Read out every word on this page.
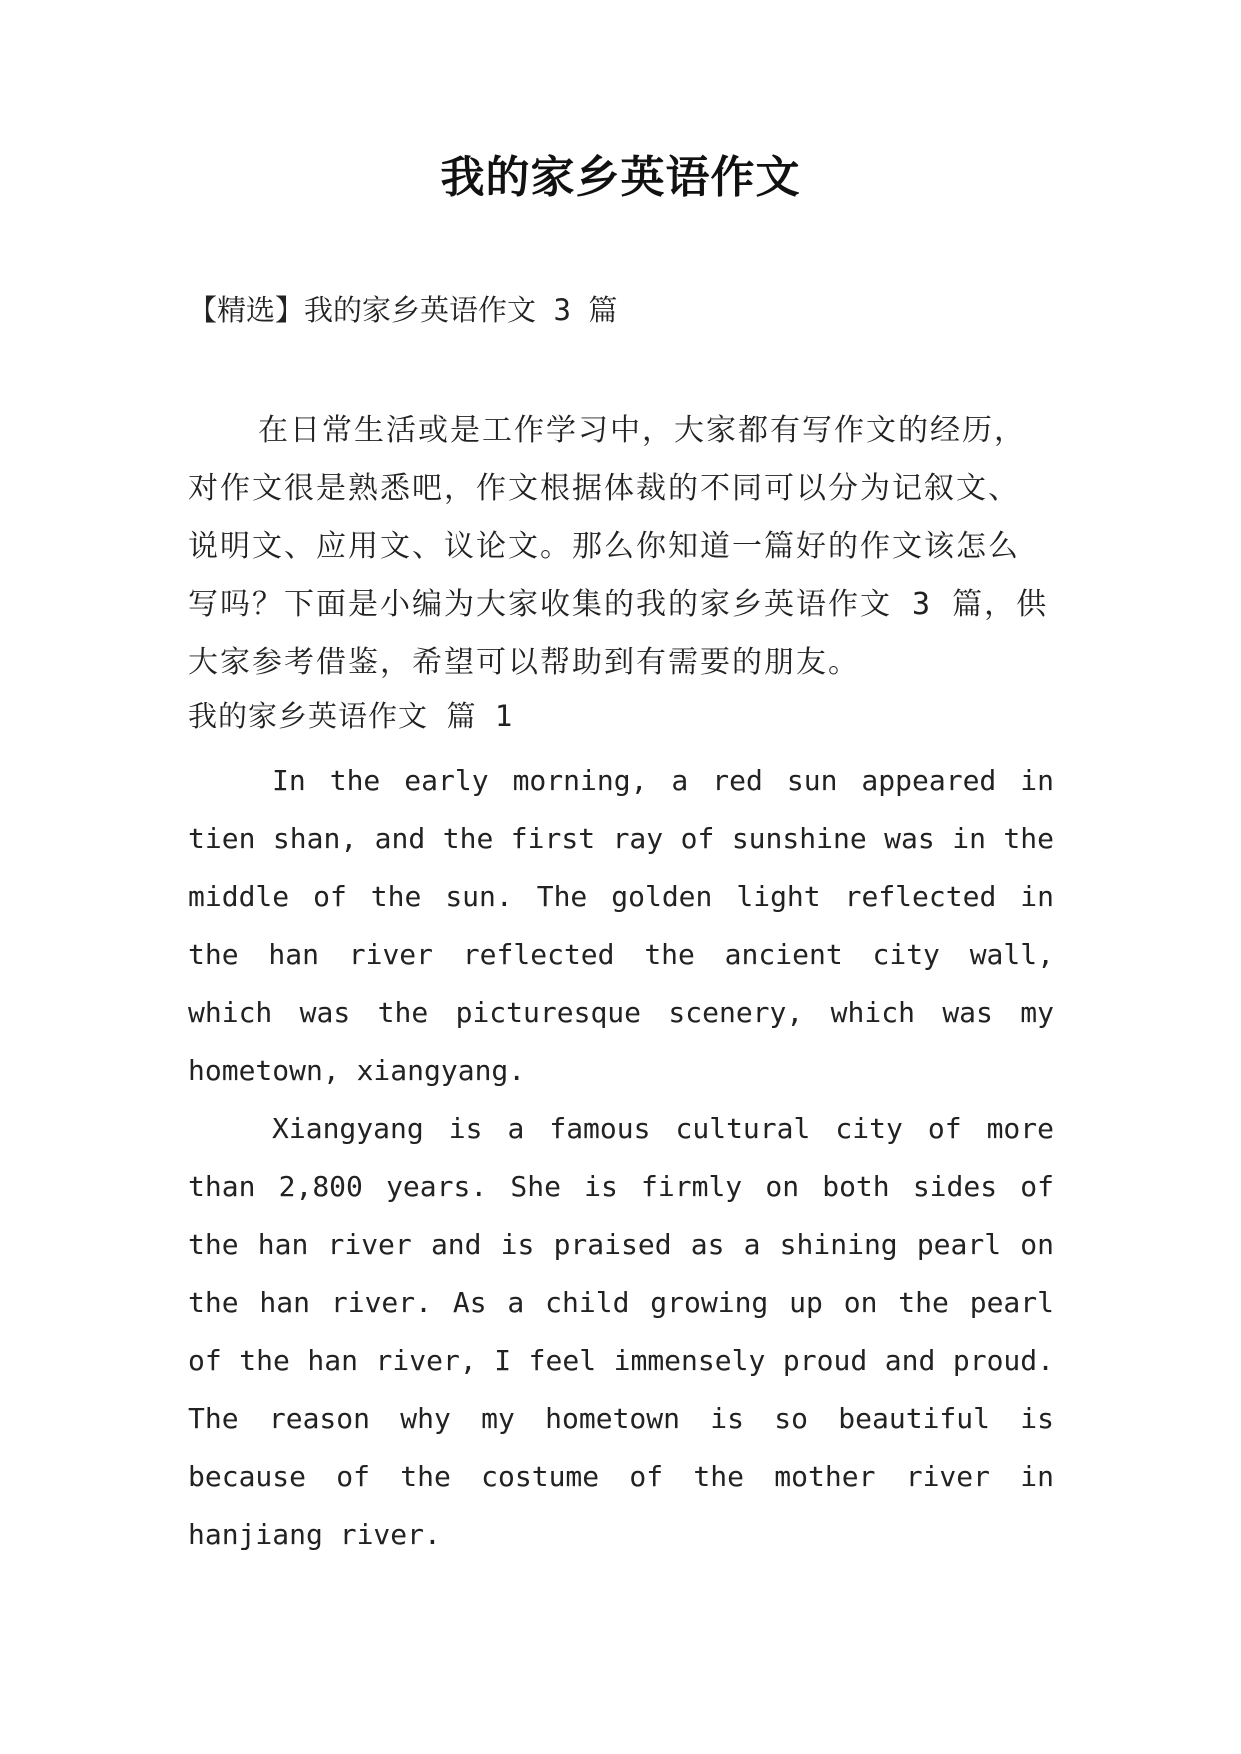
我的家乡英语作文
【精选】我的家乡英语作文 3 篇
在日常生活或是工作学习中，大家都有写作文的经历，
对作文很是熟悉吧，作文根据体裁的不同可以分为记叙文、
说明文、应用文、议论文。那么你知道一篇好的作文该怎么
写吗？下面是小编为大家收集的我的家乡英语作文 3 篇，供
大家参考借鉴，希望可以帮助到有需要的朋友。
我的家乡英语作文 篇 1
In the early morning, a red sun appeared in
tien shan, and the first ray of sunshine was in the
middle of the sun. The golden light reflected in
the han river reflected the ancient city wall,
which was the picturesque scenery, which was my
hometown, xiangyang.
Xiangyang is a famous cultural city of more
than 2,800 years. She is firmly on both sides of
the han river and is praised as a shining pearl on
the han river. As a child growing up on the pearl
of the han river, I feel immensely proud and proud.
The reason why my hometown is so beautiful is
because of the costume of the mother river in
hanjiang river.
